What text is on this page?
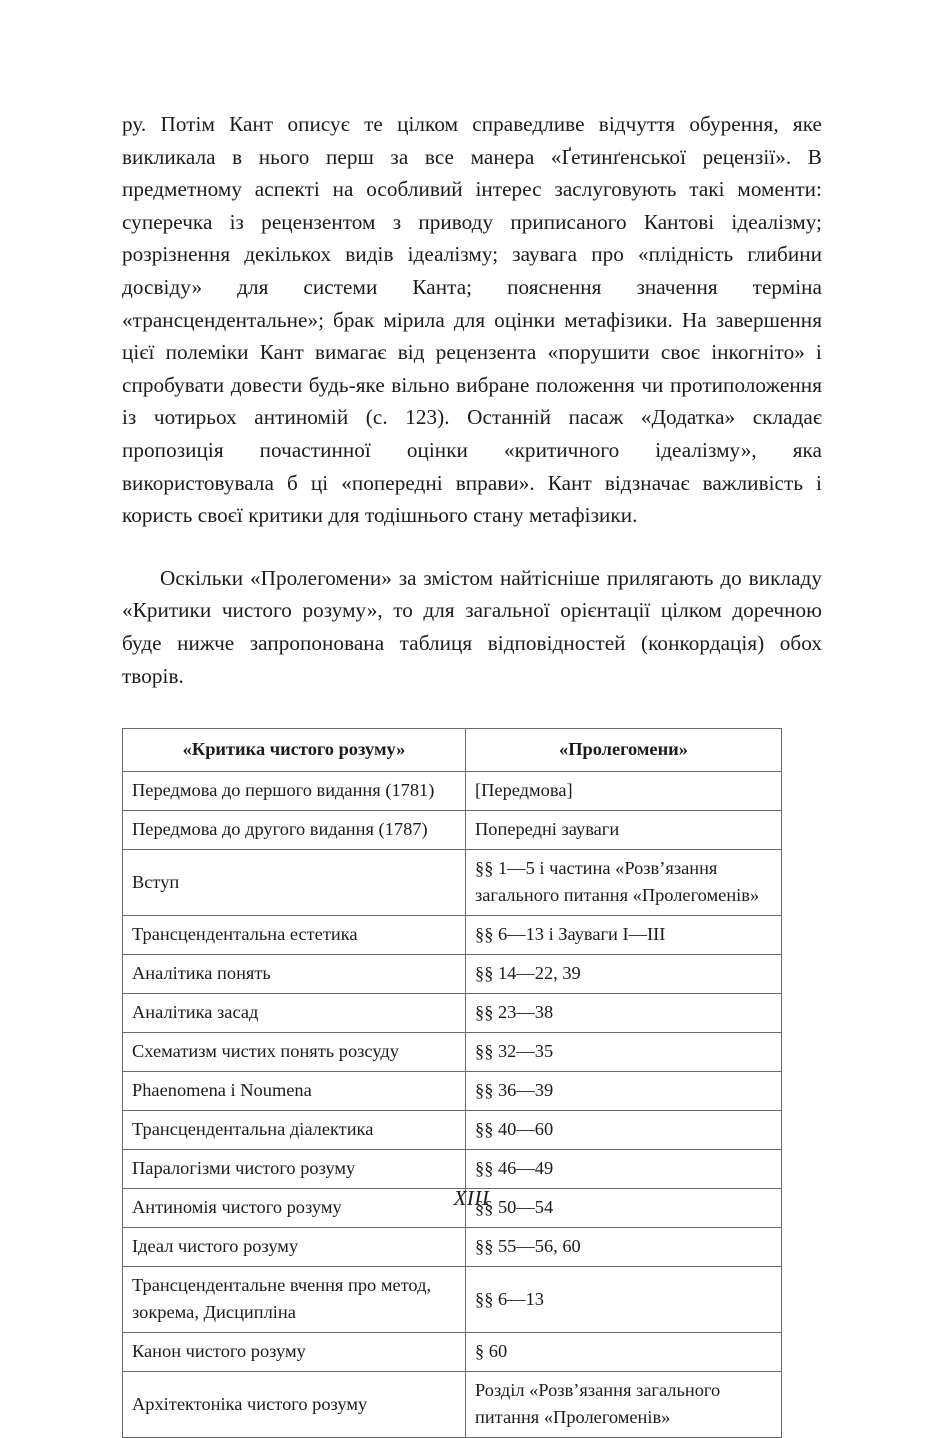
ру. Потім Кант описує те цілком справедливе відчуття обурення, яке викликала в нього перш за все манера «Ґетинґенської рецензії». В предметному аспекті на особливий інтерес заслуговують такі моменти: суперечка із рецензентом з приводу приписаного Кантові ідеалізму; розрізнення декількох видів ідеалізму; заувага про «плідність глибини досвіду» для системи Канта; пояснення значення терміна «трансцендентальне»; брак мірила для оцінки метафізики. На завершення цієї полеміки Кант вимагає від рецензента «порушити своє інкогніто» і спробувати довести будь-яке вільно вибране положення чи протиположення із чотирьох антиномій (с. 123). Останній пасаж «Додатка» складає пропозиція почастинної оцінки «критичного ідеалізму», яка використовувала б ці «попередні вправи». Кант відзначає важливість і користь своєї критики для тодішнього стану метафізики.

Оскільки «Пролегомени» за змістом найтісніше прилягають до викладу «Критики чистого розуму», то для загальної орієнтації цілком доречною буде нижче запропонована таблиця відповідностей (конкордація) обох творів.

«Критика чистого розуму»	«Пролегомени»
Передмова до першого видання (1781)	[Передмова]

Передмова до другого видання (1787)	Попередні зауваги

Вступ	§§ 1—5 і частина «Розвʼязання
загального питання «Пролегоменів»

Трансцендентальна естетика	§§ 6—13 і Зауваги I—III

Аналітика понять	§§ 14—22, 39

Аналітика засад	§§ 23—38

Схематизм чистих понять розсуду	§§ 32—35

Phaenomena і Noumena	§§ 36—39

Трансцендентальна діалектика	§§ 40—60

Паралогізми чистого розуму	§§ 46—49

Антиномія чистого розуму	§§ 50—54

Ідеал чистого розуму	§§ 55—56, 60

Трансцендентальне вчення про метод,
зокрема, Дисципліна	§§ 6—13

Канон чистого розуму	§ 60

Архітектоніка чистого розуму	Розділ «Розвʼязання загального
питання «Пролегоменів»
XIII
